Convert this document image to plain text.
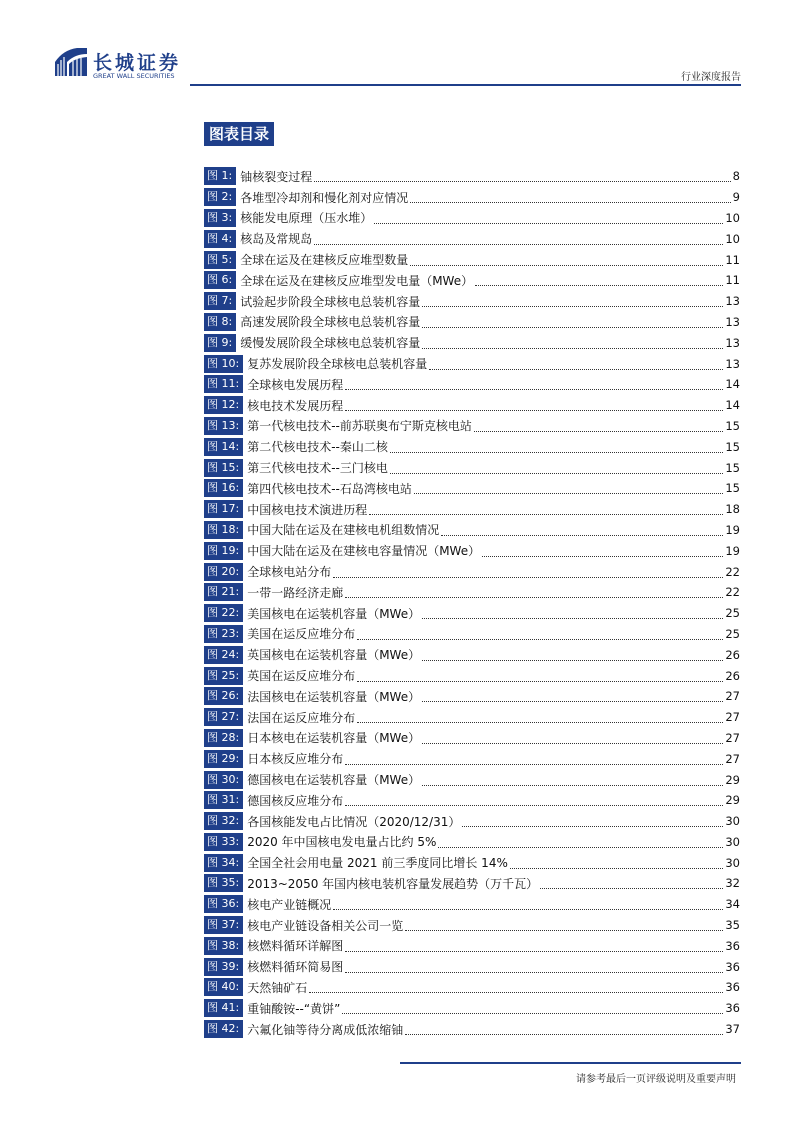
长城证券
GREAT WALL SECURITIES	行业深度报告
图表目录
图 1: 铀核裂变过程	8
图 2: 各堆型冷却剂和慢化剂对应情况	9
图 3: 核能发电原理（压水堆）	10
图 4: 核岛及常规岛	10
图 5: 全球在运及在建核反应堆型数量	11
图 6: 全球在运及在建核反应堆型发电量（MWe）	11
图 7: 试验起步阶段全球核电总装机容量	13
图 8: 高速发展阶段全球核电总装机容量	13
图 9: 缓慢发展阶段全球核电总装机容量	13
图 10: 复苏发展阶段全球核电总装机容量	13
图 11: 全球核电发展历程	14
图 12: 核电技术发展历程	14
图 13: 第一代核电技术--前苏联奥布宁斯克核电站	15
图 14: 第二代核电技术--秦山二核	15
图 15: 第三代核电技术--三门核电	15
图 16: 第四代核电技术--石岛湾核电站	15
图 17: 中国核电技术演进历程	18
图 18: 中国大陆在运及在建核电机组数情况	19
图 19: 中国大陆在运及在建核电容量情况（MWe）	19
图 20: 全球核电站分布	22
图 21: 一带一路经济走廊	22
图 22: 美国核电在运装机容量（MWe）	25
图 23: 美国在运反应堆分布	25
图 24: 英国核电在运装机容量（MWe）	26
图 25: 英国在运反应堆分布	26
图 26: 法国核电在运装机容量（MWe）	27
图 27: 法国在运反应堆分布	27
图 28: 日本核电在运装机容量（MWe）	27
图 29: 日本核反应堆分布	27
图 30: 德国核电在运装机容量（MWe）	29
图 31: 德国核反应堆分布	29
图 32: 各国核能发电占比情况（2020/12/31）	30
图 33: 2020 年中国核电发电量占比约 5%	30
图 34: 全国全社会用电量 2021 前三季度同比增长 14%	30
图 35: 2013~2050 年国内核电装机容量发展趋势（万千瓦）	32
图 36: 核电产业链概况	34
图 37: 核电产业链设备相关公司一览	35
图 38: 核燃料循环详解图	36
图 39: 核燃料循环简易图	36
图 40: 天然铀矿石	36
图 41: 重铀酸铵--“黄饼”	36
图 42: 六氟化铀等待分离成低浓缩铀	37
请参考最后一页评级说明及重要声明
